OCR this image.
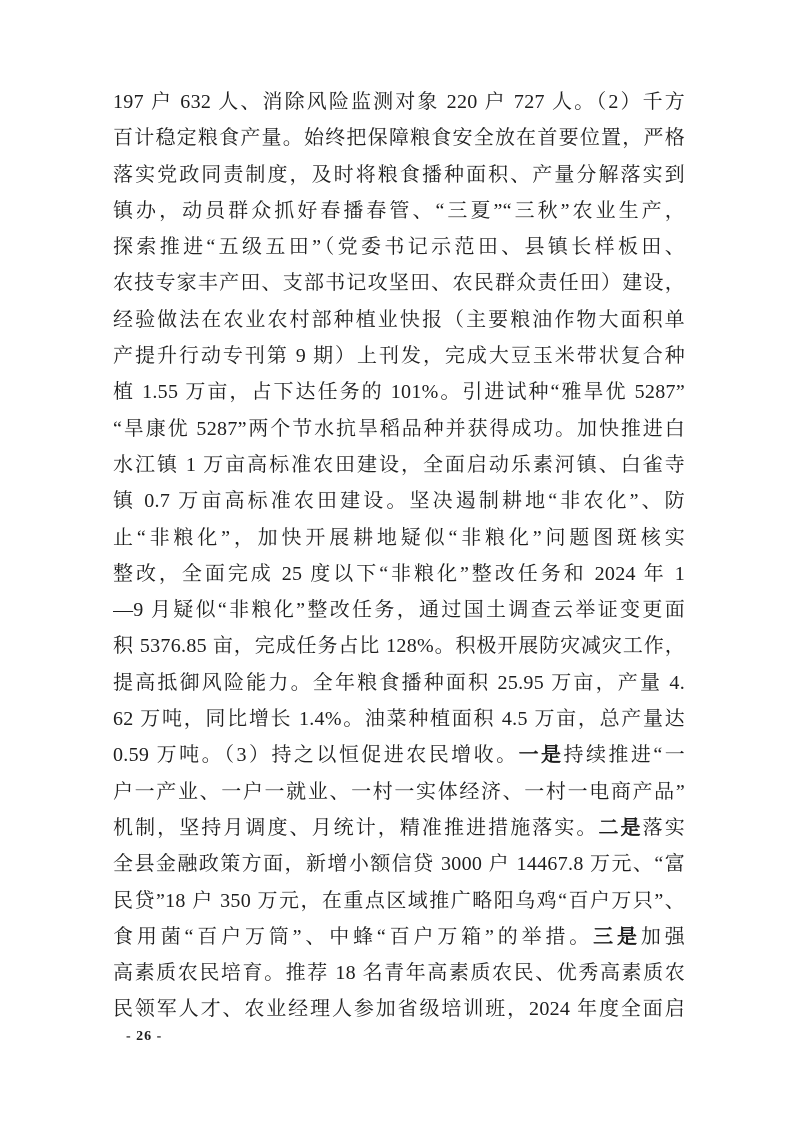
197 户 632 人、消除风险监测对象 220 户 727 人。（2）千方
百计稳定粮食产量。始终把保障粮食安全放在首要位置，严格
落实党政同责制度，及时将粮食播种面积、产量分解落实到
镇办，动员群众抓好春播春管、“三夏”“三秋”农业生产，
探索推进“五级五田”（党委书记示范田、县镇长样板田、
农技专家丰产田、支部书记攻坚田、农民群众责任田）建设，
经验做法在农业农村部种植业快报（主要粮油作物大面积单
产提升行动专刊第 9 期）上刊发，完成大豆玉米带状复合种
植 1.55 万亩，占下达任务的 101%。引进试种“雅旱优 5287”
“旱康优 5287”两个节水抗旱稻品种并获得成功。加快推进白
水江镇 1 万亩高标准农田建设，全面启动乐素河镇、白雀寺
镇 0.7 万亩高标准农田建设。坚决遏制耕地“非农化”、防
止“非粮化”，加快开展耕地疑似“非粮化”问题图斑核实
整改，全面完成 25 度以下“非粮化”整改任务和 2024 年 1
—9 月疑似“非粮化”整改任务，通过国土调查云举证变更面
积 5376.85 亩，完成任务占比 128%。积极开展防灾减灾工作，
提高抵御风险能力。全年粮食播种面积 25.95 万亩，产量 4.
62 万吨，同比增长 1.4%。油菜种植面积 4.5 万亩，总产量达
0.59 万吨。（3）持之以恒促进农民增收。一是持续推进“一
户一产业、一户一就业、一村一实体经济、一村一电商产品”
机制，坚持月调度、月统计，精准推进措施落实。二是落实
全县金融政策方面，新增小额信贷 3000 户 14467.8 万元、“富
民贷”18 户 350 万元，在重点区域推广略阳乌鸡“百户万只”、
食用菌“百户万筒”、中蜂“百户万箱”的举措。三是加强
高素质农民培育。推荐 18 名青年高素质农民、优秀高素质农
民领军人才、农业经理人参加省级培训班，2024 年度全面启
- 26 -
